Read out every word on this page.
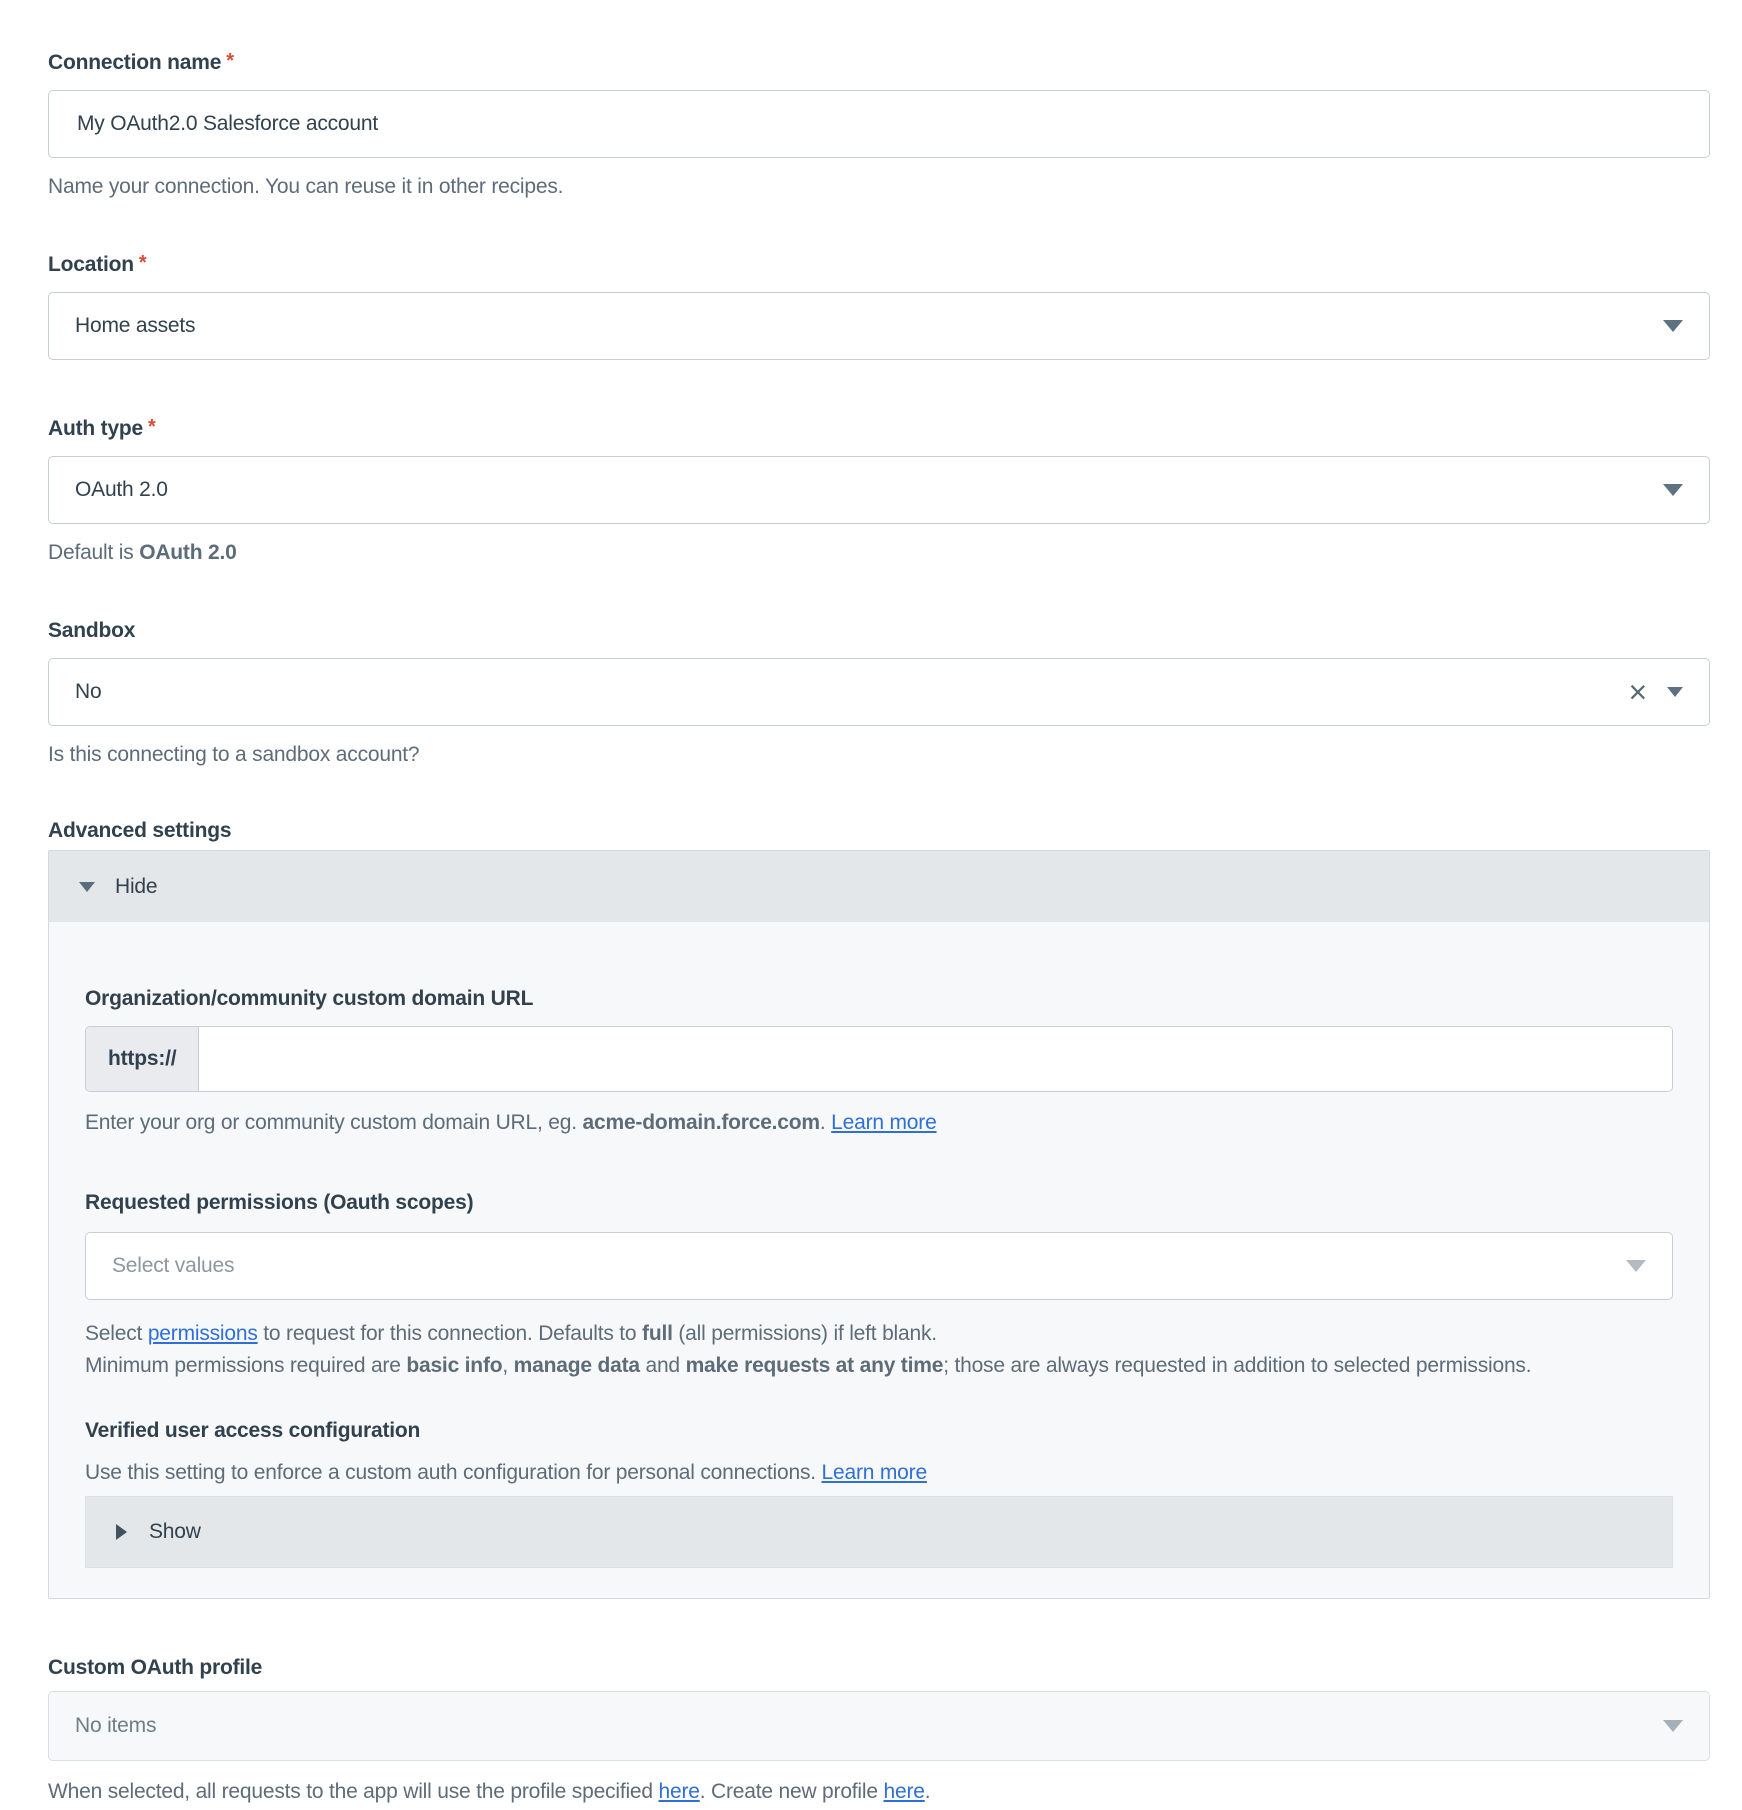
Connection name *
My OAuth2.0 Salesforce account
Name your connection. You can reuse it in other recipes.
Location *
Home assets
Auth type *
OAuth 2.0
Default is OAuth 2.0
Sandbox
No	×
Is this connecting to a sandbox account?
Advanced settings
Hide
Organization/community custom domain URL
https://
Enter your org or community custom domain URL, eg. acme-domain.force.com. Learn more
Requested permissions (Oauth scopes)
Select values

Select permissions to request for this connection. Defaults to full (all permissions) if left blank.

Minimum permissions required are basic info, manage data and make requests at any time; those are always requested in addition to selected permissions.

Verified user access configuration
Use this setting to enforce a custom auth configuration for personal connections. Learn more
Show
Custom OAuth profile
No items
When selected, all requests to the app will use the profile specified here. Create new profile here.
